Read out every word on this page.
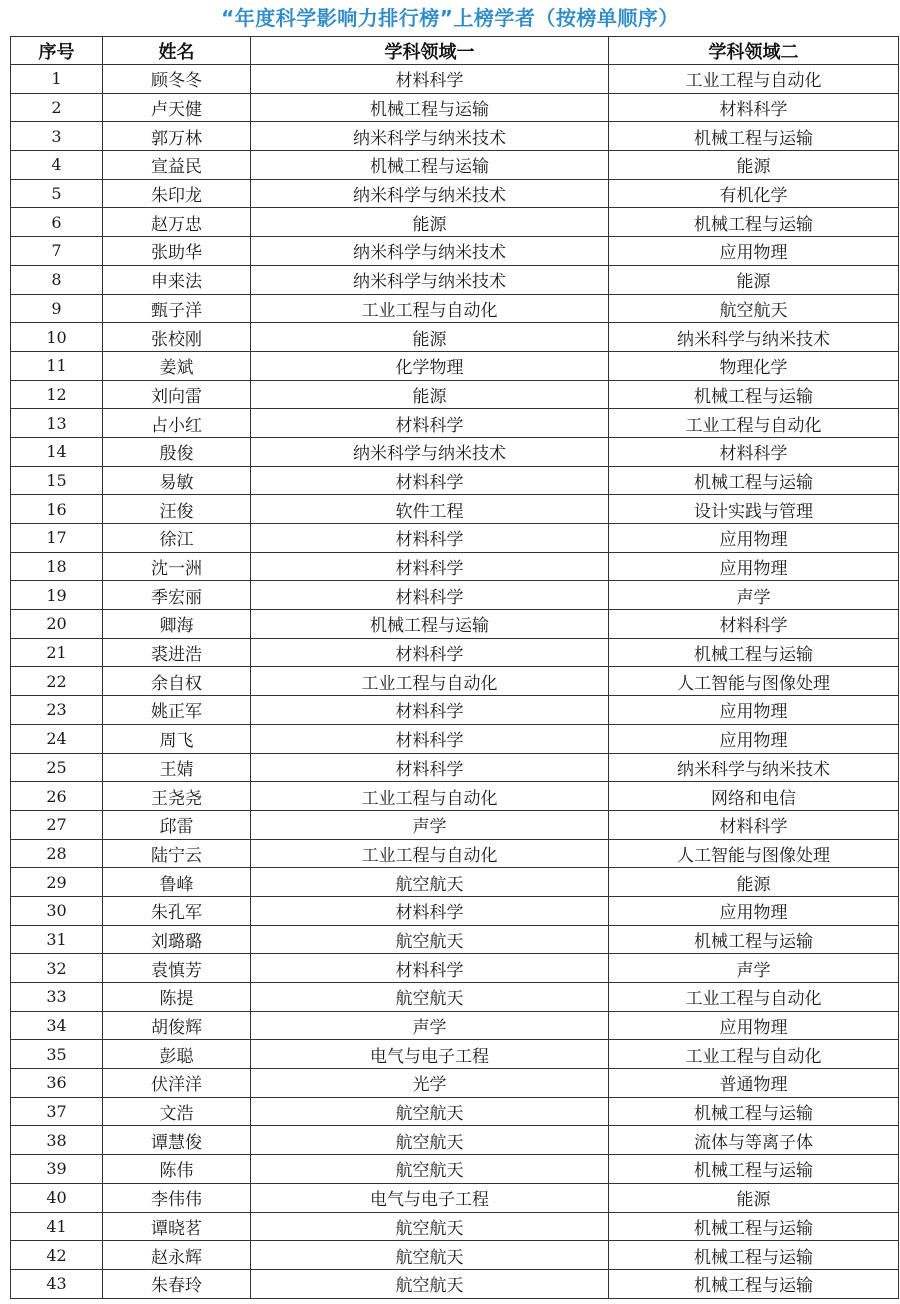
“年度科学影响力排行榜”上榜学者（按榜单顺序）
序号	姓名	学科领域一	学科领域二
1	顾冬冬	材料科学	工业工程与自动化
2	卢天健	机械工程与运输	材料科学
3	郭万林	纳米科学与纳米技术	机械工程与运输
4	宣益民	机械工程与运输	能源
5	朱印龙	纳米科学与纳米技术	有机化学
6	赵万忠	能源	机械工程与运输
7	张助华	纳米科学与纳米技术	应用物理
8	申来法	纳米科学与纳米技术	能源
9	甄子洋	工业工程与自动化	航空航天
10	张校刚	能源	纳米科学与纳米技术
11	姜斌	化学物理	物理化学
12	刘向雷	能源	机械工程与运输
13	占小红	材料科学	工业工程与自动化
14	殷俊	纳米科学与纳米技术	材料科学
15	易敏	材料科学	机械工程与运输
16	汪俊	软件工程	设计实践与管理
17	徐江	材料科学	应用物理
18	沈一洲	材料科学	应用物理
19	季宏丽	材料科学	声学
20	卿海	机械工程与运输	材料科学
21	裘进浩	材料科学	机械工程与运输
22	余自权	工业工程与自动化	人工智能与图像处理
23	姚正军	材料科学	应用物理
24	周飞	材料科学	应用物理
25	王婧	材料科学	纳米科学与纳米技术
26	王尧尧	工业工程与自动化	网络和电信
27	邱雷	声学	材料科学
28	陆宁云	工业工程与自动化	人工智能与图像处理
29	鲁峰	航空航天	能源
30	朱孔军	材料科学	应用物理
31	刘璐璐	航空航天	机械工程与运输
32	袁慎芳	材料科学	声学
33	陈提	航空航天	工业工程与自动化
34	胡俊辉	声学	应用物理
35	彭聪	电气与电子工程	工业工程与自动化
36	伏洋洋	光学	普通物理
37	文浩	航空航天	机械工程与运输
38	谭慧俊	航空航天	流体与等离子体
39	陈伟	航空航天	机械工程与运输
40	李伟伟	电气与电子工程	能源
41	谭晓茗	航空航天	机械工程与运输
42	赵永辉	航空航天	机械工程与运输
43	朱春玲	航空航天	机械工程与运输
